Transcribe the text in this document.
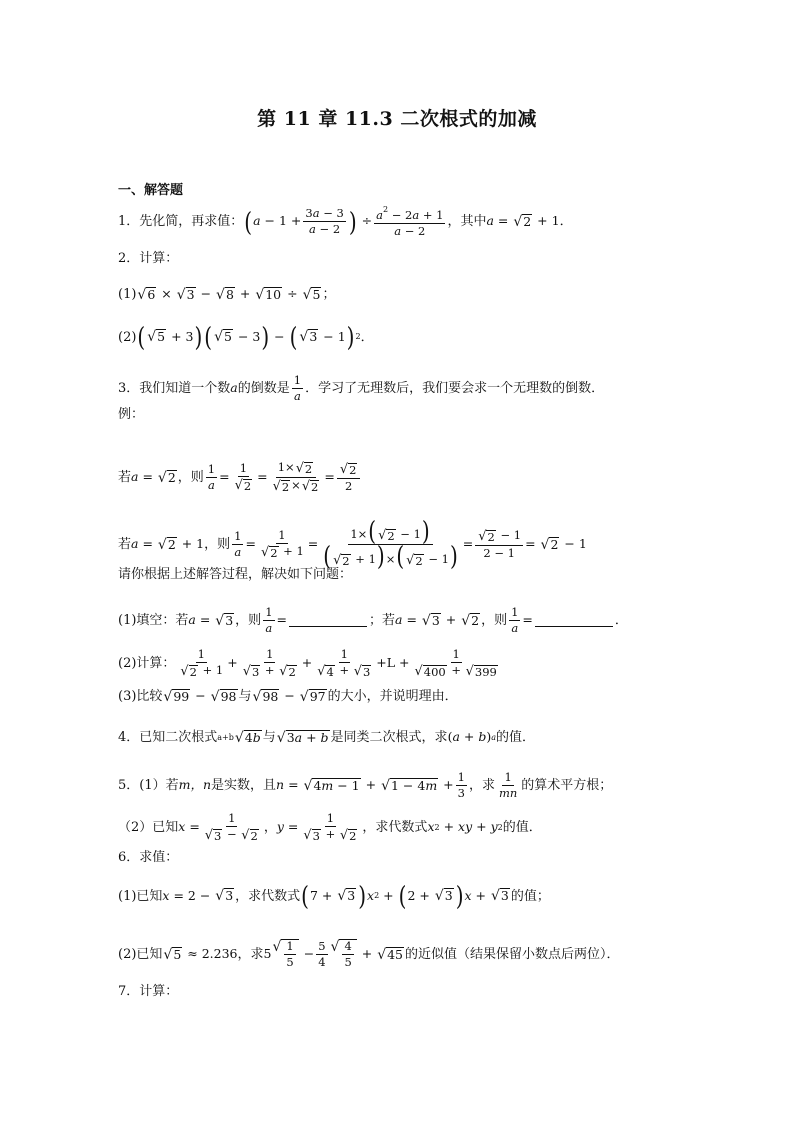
第 11 章 11.3 二次根式的加减
一、解答题
1．先化简，再求值： ( $a - 1 + \frac{3a - 3}{a - 2}$ ) ÷ $\frac{a^2 - 2a + 1}{a - 2}$ ，其中 a = √ 2 + 1 ．
2．计算：
(1) √ 6 × √ 3 − √ 8 + √ 10 ÷ √ 5 ；
(2) ( √ 5 + 3 ) ( √ 5 − 3 ) − ( √ 3 − 1 ) 2 ．
3．我们知道一个数 a 的倒数是 $\frac{1}{a}$ ．学习了无理数后，我们要会求一个无理数的倒数．
例：
若 a = √ 2 ，则 $\frac{1}{a} = \frac{1}{√ 2} = \frac{1\times √ 2}{√ 2 \times √ 2} = \frac{√ 2}{2}$
若 a = √ 2 + 1 ，则 $\frac{1}{a} = \frac{1}{√ 2 + 1} = \frac{1\times( √ 2 - 1)}{( √ 2 + 1)\times( √ 2 - 1)} = \frac{√ 2 - 1}{2 - 1}$ = √ 2 − 1
请你根据上述解答过程，解决如下问题：
(1)填空：若 a = √ 3 ，则 $\frac{1}{a}$ =	；若 a = √ 3 + √ 2 ，则 $\frac{1}{a}$ =	．
(2)计算： $\frac{1}{√ 2 + 1} + \frac{1}{√ 3 + √ 2} + \frac{1}{√ 4 + √ 3} +L + \frac{1}{√ 400 + √ 399}$
(3)比较 √ 99 − √ 98 与 √ 98 − √ 97 的大小，并说明理由．
4．已知二次根式 a+b √ 4b 与 √ 3a + b 是同类二次根式，求 ( a + b ) a 的值．
5．(1）若 m，n 是实数，且 n = √ 4m − 1 + √ $1 - 4m + \frac{1}{3}$ ，求 $\frac{1}{mn}$ 的算术平方根；
（2）已知 $x = \frac{1}{√ 3 - √ 2}$ ， $y = \frac{1}{√ 3 + √ 2}$ ，求代数式 x 2 + xy + y 2 的值．
6．求值：
(1)已知 x = 2 − √ 3 ，求代数式 ( 7 + √ 3 ) x 2 + ( 2 + √ 3 ) x + √ 3 的值；
(2)已知 √ 5 ≈ 2.236 ，求 5 √ $\frac{1}{5} - \frac{5}{4}$ √ $\frac{4}{5}$ + √ 45 的近似值（结果保留小数点后两位）．
7．计算：
